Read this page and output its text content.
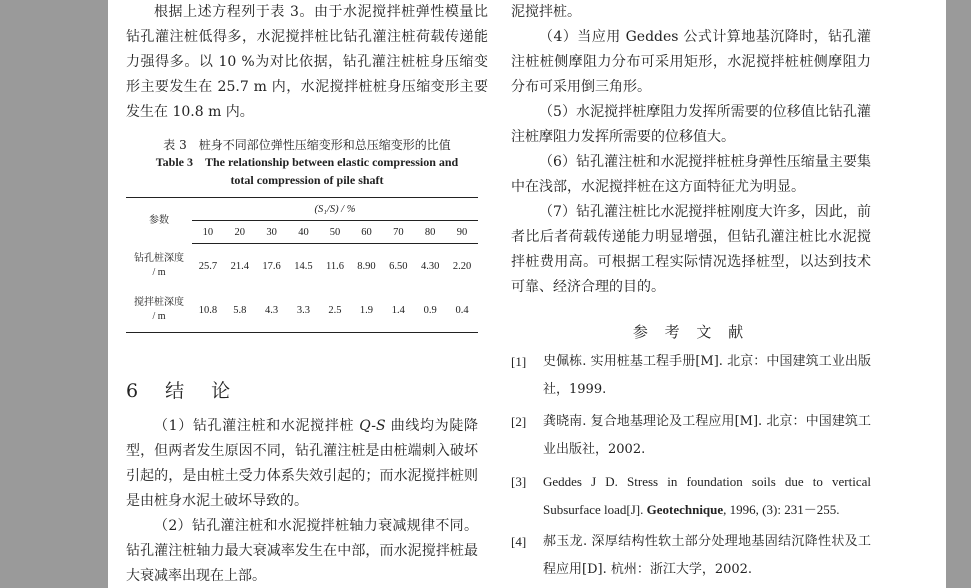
根据上述方程列于表 3。由于水泥搅拌桩弹性模量比钻孔灌注桩低得多，水泥搅拌桩比钻孔灌注桩荷载传递能力强得多。以 10 %为对比依据，钻孔灌注桩桩身压缩变形主要发生在 25.7 m 内，水泥搅拌桩桩身压缩变形主要发生在 10.8 m 内。

表 3　桩身不同部位弹性压缩变形和总压缩变形的比值
Table 3　The relationship between elastic compression and
total compression of pile shaft
参数	(S₁/S) / %								
	10	20	30	40	50	60	70	80	90
钻孔桩深度
/ m	25.7	21.4	17.6	14.5	11.6	8.90	6.50	4.30	2.20
搅拌桩深度
/ m	10.8	5.8	4.3	3.3	2.5	1.9	1.4	0.9	0.4
6　结　论

（1）钻孔灌注桩和水泥搅拌桩 Q-S 曲线均为陡降型，但两者发生原因不同，钻孔灌注桩是由桩端刺入破坏引起的，是由桩土受力体系失效引起的；而水泥搅拌桩则是由桩身水泥土破坏导致的。

（2）钻孔灌注桩和水泥搅拌桩轴力衰减规律不同。钻孔灌注桩轴力最大衰减率发生在中部，而水泥搅拌桩最大衰减率出现在上部。

泥搅拌桩。

（4）当应用 Geddes 公式计算地基沉降时，钻孔灌注桩桩侧摩阻力分布可采用矩形，水泥搅拌桩桩侧摩阻力分布可采用倒三角形。

（5）水泥搅拌桩摩阻力发挥所需要的位移值比钻孔灌注桩摩阻力发挥所需要的位移值大。

（6）钻孔灌注桩和水泥搅拌桩桩身弹性压缩量主要集中在浅部，水泥搅拌桩在这方面特征尤为明显。

（7）钻孔灌注桩比水泥搅拌桩刚度大许多，因此，前者比后者荷载传递能力明显增强，但钻孔灌注桩比水泥搅拌桩费用高。可根据工程实际情况选择桩型，以达到技术可靠、经济合理的目的。

参 考 文 献
[1]	史佩栋. 实用桩基工程手册[M]. 北京：中国建筑工业出版社，1999.
[2]	龚晓南. 复合地基理论及工程应用[M]. 北京：中国建筑工业出版社，2002.
[3]	Geddes J D. Stress in foundation soils due to vertical Subsurface load[J]. Geotechnique, 1996, (3): 231－255.
[4]	郝玉龙. 深厚结构性软土部分处理地基固结沉降性状及工程应用[D]. 杭州：浙江大学，2002.
